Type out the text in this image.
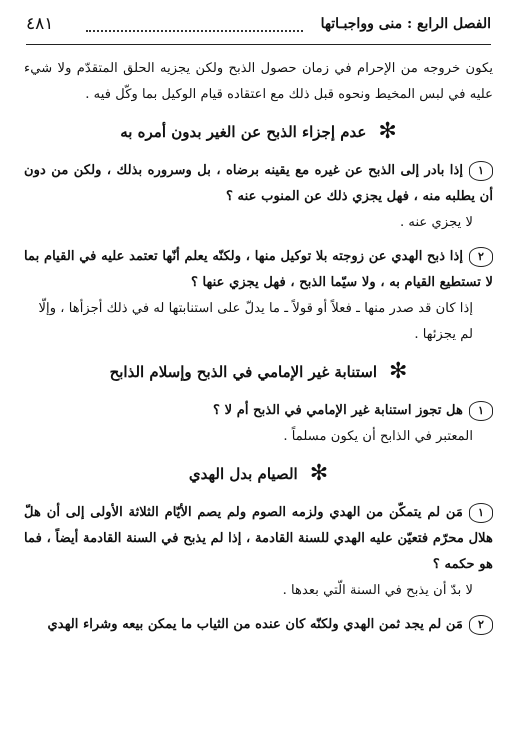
الفصل الرابع : منى وواجبـاتها
٤٨١

يكون خروجه من الإحرام في زمان حصول الذبح ولكن يجزيه الحلق المتقدّم ولا شيء عليه في لبس المخيط ونحوه قبل ذلك مع اعتقاده قيام الوكيل بما وكّل فيه .

✻
عدم إجزاء الذبح عن الغير بدون أمره به

١إذا بادر إلى الذبح عن غيره مع يقينه برضاه ، بل وسروره بذلك ، ولكن من دون أن يطلبه منه ، فهل يجزي ذلك عن المنوب عنه ؟

لا يجزي عنه .

٢إذا ذبح الهدي عن زوجته بلا توكيل منها ، ولكنّه يعلم أنّها تعتمد عليه في القيام بما لا تستطيع القيام به ، ولا سيّما الذبح ، فهل يجزي عنها ؟

إذا كان قد صدر منها ـ فعلاً أو قولاً ـ ما يدلّ على استنابتها له في ذلك أجزأها ، وإلّا لم يجزئها .

✻
استنابة غير الإمامي في الذبح وإسلام الذابح

١هل تجوز استنابة غير الإمامي في الذبح أم لا ؟

المعتبر في الذابح أن يكون مسلماً .

✻
الصيام بدل الهدي

١مَن لم يتمكّن من الهدي ولزمه الصوم ولم يصم الأيّام الثلاثة الأولى إلى أن هلّ هلال محرّم فتعيّن عليه الهدي للسنة القادمة ، إذا لم يذبح في السنة القادمة أيضاً ، فما هو حكمه ؟

لا بدّ أن يذبح في السنة الّتي بعدها .

٢مَن لم يجد ثمن الهدي ولكنّه كان عنده من الثياب ما يمكن بيعه وشراء الهدي
